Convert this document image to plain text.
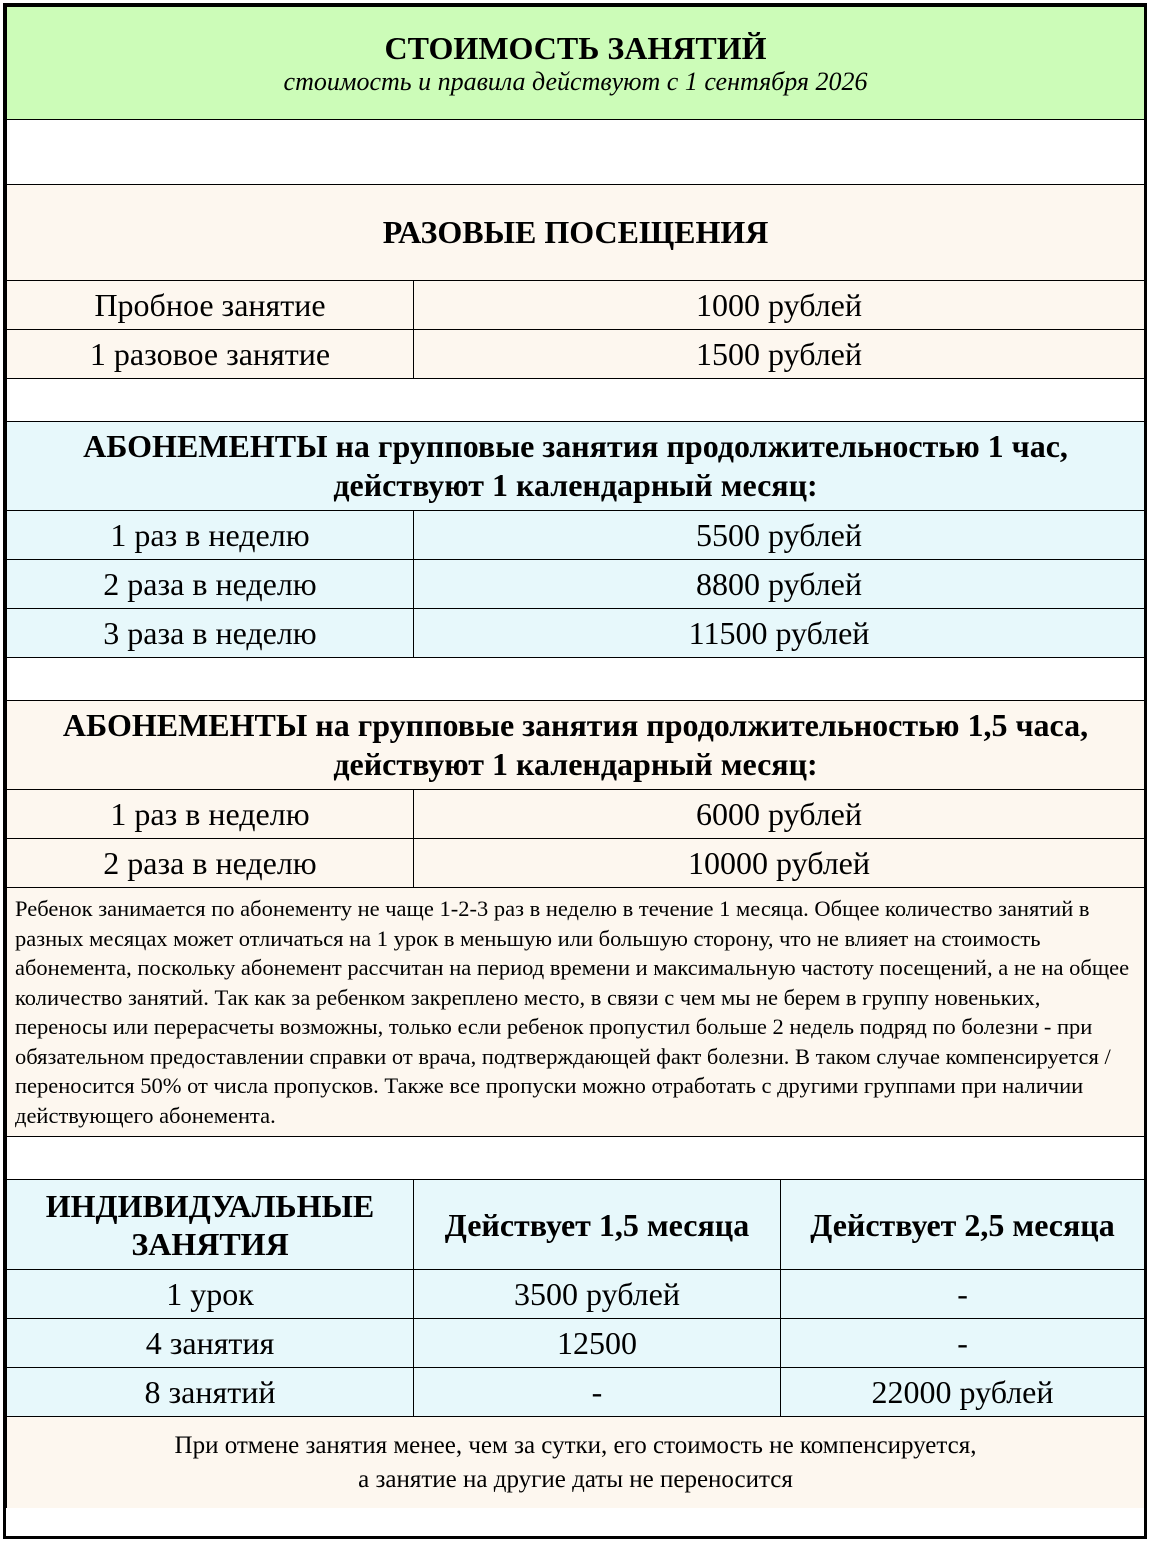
СТОИМОСТЬ ЗАНЯТИЙ
стоимость и правила действуют с 1 сентября 2026		

РАЗОВЫЕ ПОСЕЩЕНИЯ		
Пробное занятие	1000 рублей	
1 разовое занятие	1500 рублей	

АБОНЕМЕНТЫ на групповые занятия продолжительностью 1 час,
действуют 1 календарный месяц:		

1 раз в неделю	5500 рублей	
2 раза в неделю	8800 рублей	
3 раза в неделю	11500 рублей	

АБОНЕМЕНТЫ на групповые занятия продолжительностью 1,5 часа,
действуют 1 календарный месяц:		

1 раз в неделю	6000 рублей	
2 раза в неделю	10000 рублей	
Ребенок занимается по абонементу не чаще 1-2-3 раз в неделю в течение 1 месяца. Общее количество занятий в разных месяцах может отличаться на 1 урок в меньшую или большую сторону, что не влияет на стоимость абонемента, поскольку абонемент рассчитан на период времени и максимальную частоту посещений, а не на общее количество занятий. Так как за ребенком закреплено место, в связи с чем мы не берем в группу новеньких, переносы или перерасчеты возможны, только если ребенок пропустил больше 2 недель подряд по болезни - при обязательном предоставлении справки от врача, подтверждающей факт болезни. В таком случае компенсируется / переносится 50% от числа пропусков. Также все пропуски можно отработать с другими группами при наличии действующего абонемента.		

ИНДИВИДУАЛЬНЫЕ ЗАНЯТИЯ	Действует 1,5 месяца	Действует 2,5 месяца
1 урок	3500 рублей	-
4 занятия	12500	-
8 занятий	-	22000 рублей

При отмене занятия менее, чем за сутки, его стоимость не компенсируется,
а занятие на другие даты не переносится		
